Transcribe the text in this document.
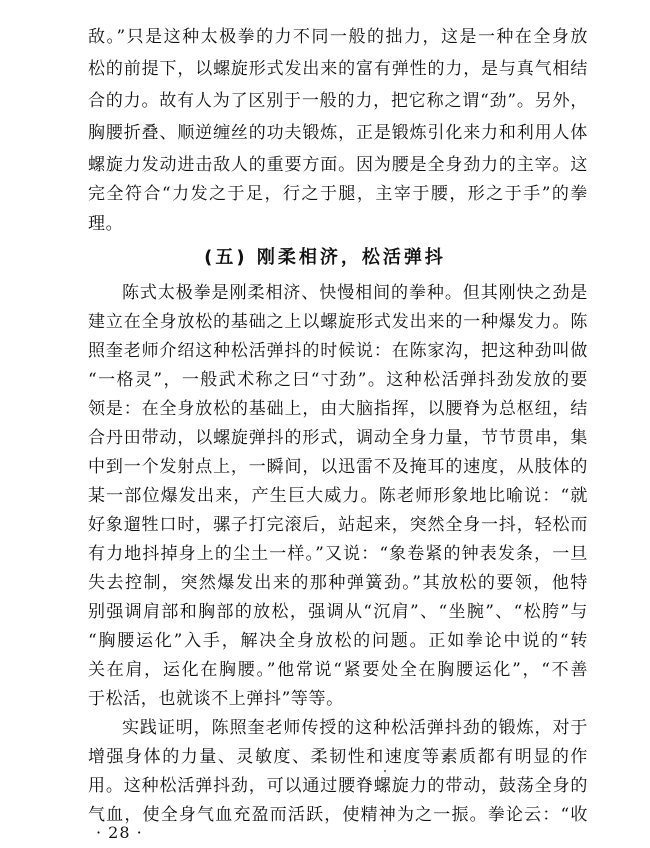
敌。”只是这种太极拳的力不同一般的拙力，这是一种在全身放
松的前提下，以螺旋形式发出来的富有弹性的力，是与真气相结
合的力。故有人为了区别于一般的力，把它称之谓“劲”。另外，
胸腰折叠、顺逆缠丝的功夫锻炼，正是锻炼引化来力和利用人体
螺旋力发动进击敌人的重要方面。因为腰是全身劲力的主宰。这
完全符合“力发之于足，行之于腿，主宰于腰，形之于手”的拳
理。
(五) 刚柔相济，松活弹抖
陈式太极拳是刚柔相济、快慢相间的拳种。但其刚快之劲是
建立在全身放松的基础之上以螺旋形式发出来的一种爆发力。陈
照奎老师介绍这种松活弹抖的时候说：在陈家沟，把这种劲叫做
“一格灵”，一般武术称之曰“寸劲”。这种松活弹抖劲发放的要
领是：在全身放松的基础上，由大脑指挥，以腰脊为总枢纽，结
合丹田带动，以螺旋弹抖的形式，调动全身力量，节节贯串，集
中到一个发射点上，一瞬间，以迅雷不及掩耳的速度，从肢体的
某一部位爆发出来，产生巨大威力。陈老师形象地比喻说：“就
好象遛牲口时，骡子打完滚后，站起来，突然全身一抖，轻松而
有力地抖掉身上的尘土一样。”又说：“象卷紧的钟表发条，一旦
失去控制，突然爆发出来的那种弹簧劲。”其放松的要领，他特
别强调肩部和胸部的放松，强调从“沉肩”、“坐腕”、“松胯”与
“胸腰运化”入手，解决全身放松的问题。正如拳论中说的“转
关在肩，运化在胸腰。”他常说“紧要处全在胸腰运化”，“不善
于松活，也就谈不上弹抖”等等。
实践证明，陈照奎老师传授的这种松活弹抖劲的锻炼，对于
增强身体的力量、灵敏度、柔韧性和速度等素质都有明显的作
用。这种松活弹抖劲，可以通过腰脊螺旋力的带动，鼓荡全身的
气血，使全身气血充盈而活跃，使精神为之一振。拳论云：“收
· 28 ·
